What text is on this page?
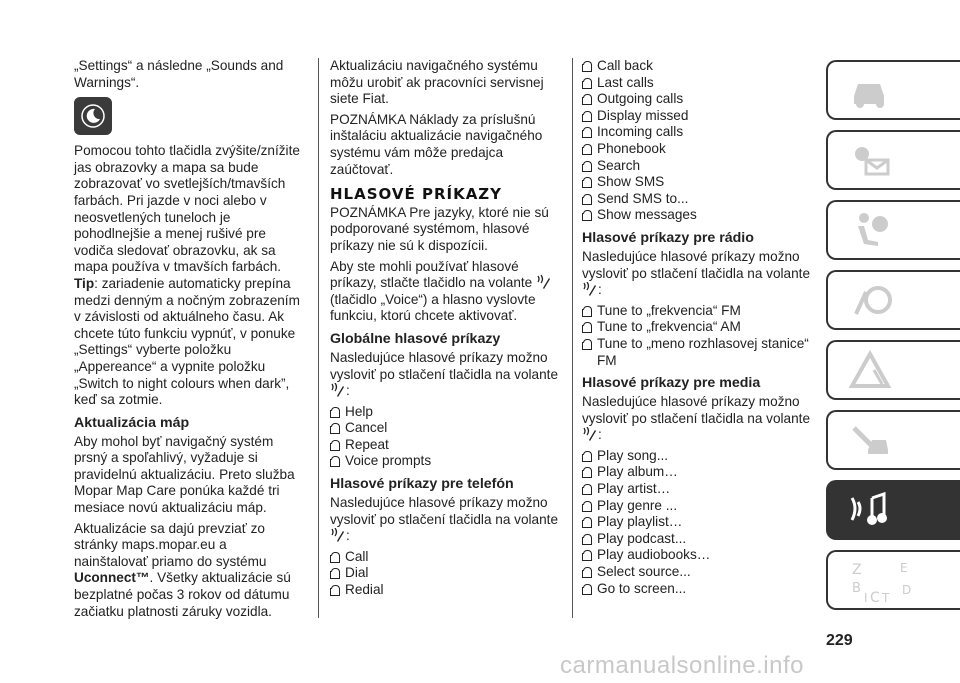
„Settings“ a následne „Sounds and Warnings“.

Pomocou tohto tlačidla zvýšite/znížite jas obrazovky a mapa sa bude zobrazovať vo svetlejších/tmavších farbách. Pri jazde v noci alebo v neosvetlených tuneloch je pohodlnejšie a menej rušivé pre vodiča sledovať obrazovku, ak sa mapa používa v tmavších farbách. Tip: zariadenie automaticky prepína medzi denným a nočným zobrazením v závislosti od aktuálneho času. Ak chcete túto funkciu vypnúť, v ponuke „Settings“ vyberte položku „Appereance“ a vypnite položku „Switch to night colours when dark”, keď sa zotmie.

Aktualizácia máp

Aby mohol byť navigačný systém prsný a spoľahlivý, vyžaduje si pravidelnú aktualizáciu. Preto služba Mopar Map Care ponúka každé tri mesiace novú aktualizáciu máp.

Aktualizácie sa dajú prevziať zo stránky maps.mopar.eu a nainštalovať priamo do systému Uconnect™. Všetky aktualizácie sú bezplatné počas 3 rokov od dátumu začiatku platnosti záruky vozidla.

Aktualizáciu navigačného systému môžu urobiť ak pracovníci servisnej siete Fiat.

POZNÁMKA Náklady za príslušnú inštaláciu aktualizácie navigačného systému vám môže predajca zaúčtovať.

HLASOVÉ PRÍKAZY

POZNÁMKA Pre jazyky, ktoré nie sú podporované systémom, hlasové príkazy nie sú k dispozícii.

Aby ste mohli používať hlasové príkazy, stlačte tlačidlo na volante  (tlačidlo „Voice“) a hlasno vyslovte funkciu, ktorú chcete aktivovať.

Globálne hlasové príkazy

Nasledujúce hlasové príkazy možno vysloviť po stlačení tlačidla na volante
:

Help
Cancel
Repeat
Voice prompts
Hlasové príkazy pre telefón

Nasledujúce hlasové príkazy možno vysloviť po stlačení tlačidla na volante
:

Call
Dial
Redial
Call back
Last calls
Outgoing calls
Display missed
Incoming calls
Phonebook
Search
Show SMS
Send SMS to...
Show messages
Hlasové príkazy pre rádio

Nasledujúce hlasové príkazy možno vysloviť po stlačení tlačidla na volante
:

Tune to „frekvencia“ FM
Tune to „frekvencia“ AM
Tune to „meno rozhlasovej stanice“ FM
Hlasové príkazy pre media

Nasledujúce hlasové príkazy možno vysloviť po stlačení tlačidla na volante
:

Play song...
Play album…
Play artist…
Play genre ...
Play playlist…
Play podcast...
Play audiobooks…
Select source...
Go to screen...
Z	E
B
C D
T
I
229
carmanualsonline.info
